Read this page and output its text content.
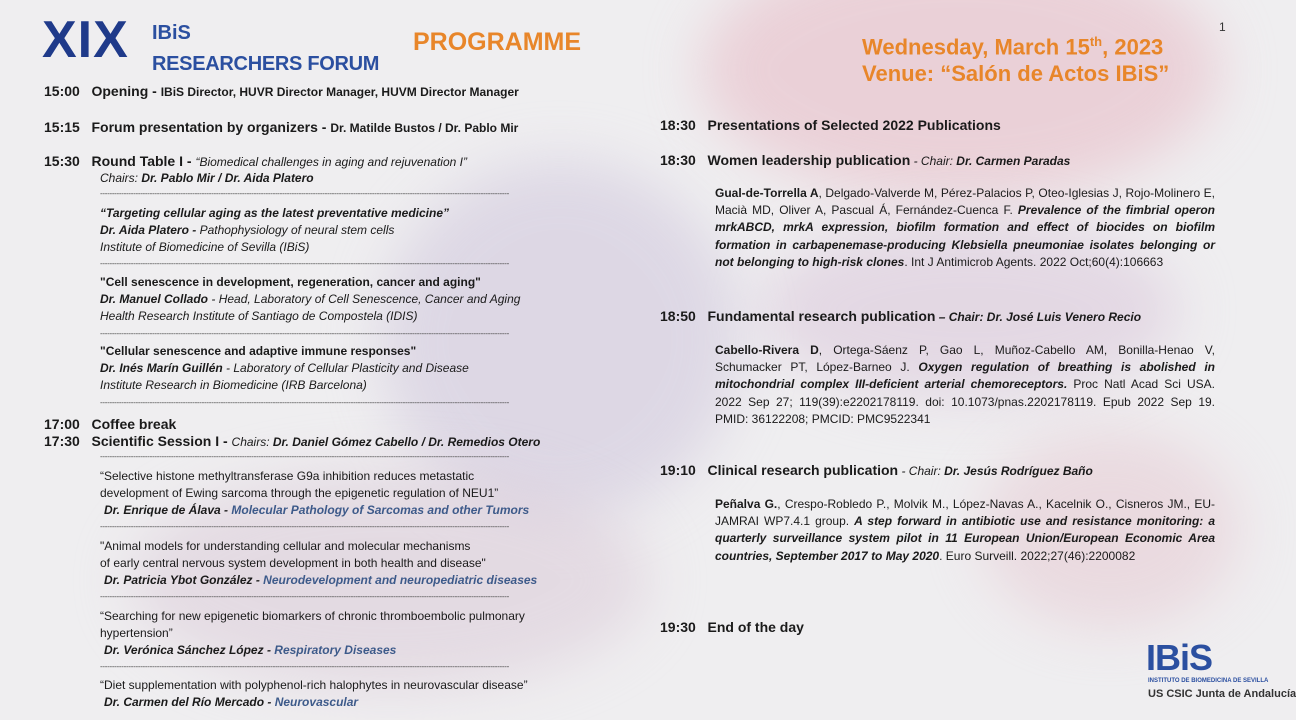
XIX IBiS
RESEARCHERS FORUM
PROGRAMME	Wednesday, March 15th, 2023
Venue: “Salón de Actos IBiS”
1
15:00 Opening - IBiS Director, HUVR Director Manager, HUVM Director Manager
15:15 Forum presentation by organizers - Dr. Matilde Bustos / Dr. Pablo Mir
15:30 Round Table I - “Biomedical challenges in aging and rejuvenation I”
Chairs: Dr. Pablo Mir / Dr. Aida Platero
-----------------------------------------------------------------------------------------------------------------------------------------------------------------------------
“Targeting cellular aging as the latest preventative medicine”
Dr. Aida Platero - Pathophysiology of neural stem cells
Institute of Biomedicine of Sevilla (IBiS)
-----------------------------------------------------------------------------------------------------------------------------------------------------------------------------
"Cell senescence in development, regeneration, cancer and aging"
Dr. Manuel Collado - Head, Laboratory of Cell Senescence, Cancer and Aging
Health Research Institute of Santiago de Compostela (IDIS)
-----------------------------------------------------------------------------------------------------------------------------------------------------------------------------
"Cellular senescence and adaptive immune responses"
Dr. Inés Marín Guillén - Laboratory of Cellular Plasticity and Disease
Institute Research in Biomedicine (IRB Barcelona)
-----------------------------------------------------------------------------------------------------------------------------------------------------------------------------
17:00 Coffee break
17:30 Scientific Session I - Chairs: Dr. Daniel Gómez Cabello / Dr. Remedios Otero
-----------------------------------------------------------------------------------------------------------------------------------------------------------------------------
“Selective histone methyltransferase G9a inhibition reduces metastatic
development of Ewing sarcoma through the epigenetic regulation of NEU1”
Dr. Enrique de Álava - Molecular Pathology of Sarcomas and other Tumors
-----------------------------------------------------------------------------------------------------------------------------------------------------------------------------
"Animal models for understanding cellular and molecular mechanisms
of early central nervous system development in both health and disease"
Dr. Patricia Ybot González - Neurodevelopment and neuropediatric diseases
-----------------------------------------------------------------------------------------------------------------------------------------------------------------------------
“Searching for new epigenetic biomarkers of chronic thromboembolic pulmonary
hypertension”
Dr. Verónica Sánchez López - Respiratory Diseases
-----------------------------------------------------------------------------------------------------------------------------------------------------------------------------
“Diet supplementation with polyphenol-rich halophytes in neurovascular disease”
Dr. Carmen del Río Mercado - Neurovascular
18:30 Presentations of Selected 2022 Publications
18:30 Women leadership publication - Chair: Dr. Carmen Paradas
Gual-de-Torrella A, Delgado-Valverde M, Pérez-Palacios P, Oteo-Iglesias J, Rojo-Molinero E, Macià MD, Oliver A, Pascual Á, Fernández-Cuenca F. Prevalence of the fimbrial operon mrkABCD, mrkA expression, biofilm formation and effect of biocides on biofilm formation in carbapenemase-producing Klebsiella pneumoniae isolates belonging or not belonging to high-risk clones. Int J Antimicrob Agents. 2022 Oct;60(4):106663
18:50 Fundamental research publication – Chair: Dr. José Luis Venero Recio
Cabello-Rivera D, Ortega-Sáenz P, Gao L, Muñoz-Cabello AM, Bonilla-Henao V, Schumacker PT, López-Barneo J. Oxygen regulation of breathing is abolished in mitochondrial complex III-deficient arterial chemoreceptors. Proc Natl Acad Sci USA. 2022 Sep 27; 119(39):e2202178119. doi: 10.1073/pnas.2202178119. Epub 2022 Sep 19. PMID: 36122208; PMCID: PMC9522341
19:10 Clinical research publication - Chair: Dr. Jesús Rodríguez Baño
Peñalva G., Crespo-Robledo P., Molvik M., López-Navas A., Kacelnik O., Cisneros JM., EU-JAMRAI WP7.4.1 group. A step forward in antibiotic use and resistance monitoring: a quarterly surveillance system pilot in 11 European Union/European Economic Area countries, September 2017 to May 2020. Euro Surveill. 2022;27(46):2200082
19:30 End of the day
IBiS
INSTITUTO DE BIOMEDICINA DE SEVILLA
US CSIC Junta de Andalucía
